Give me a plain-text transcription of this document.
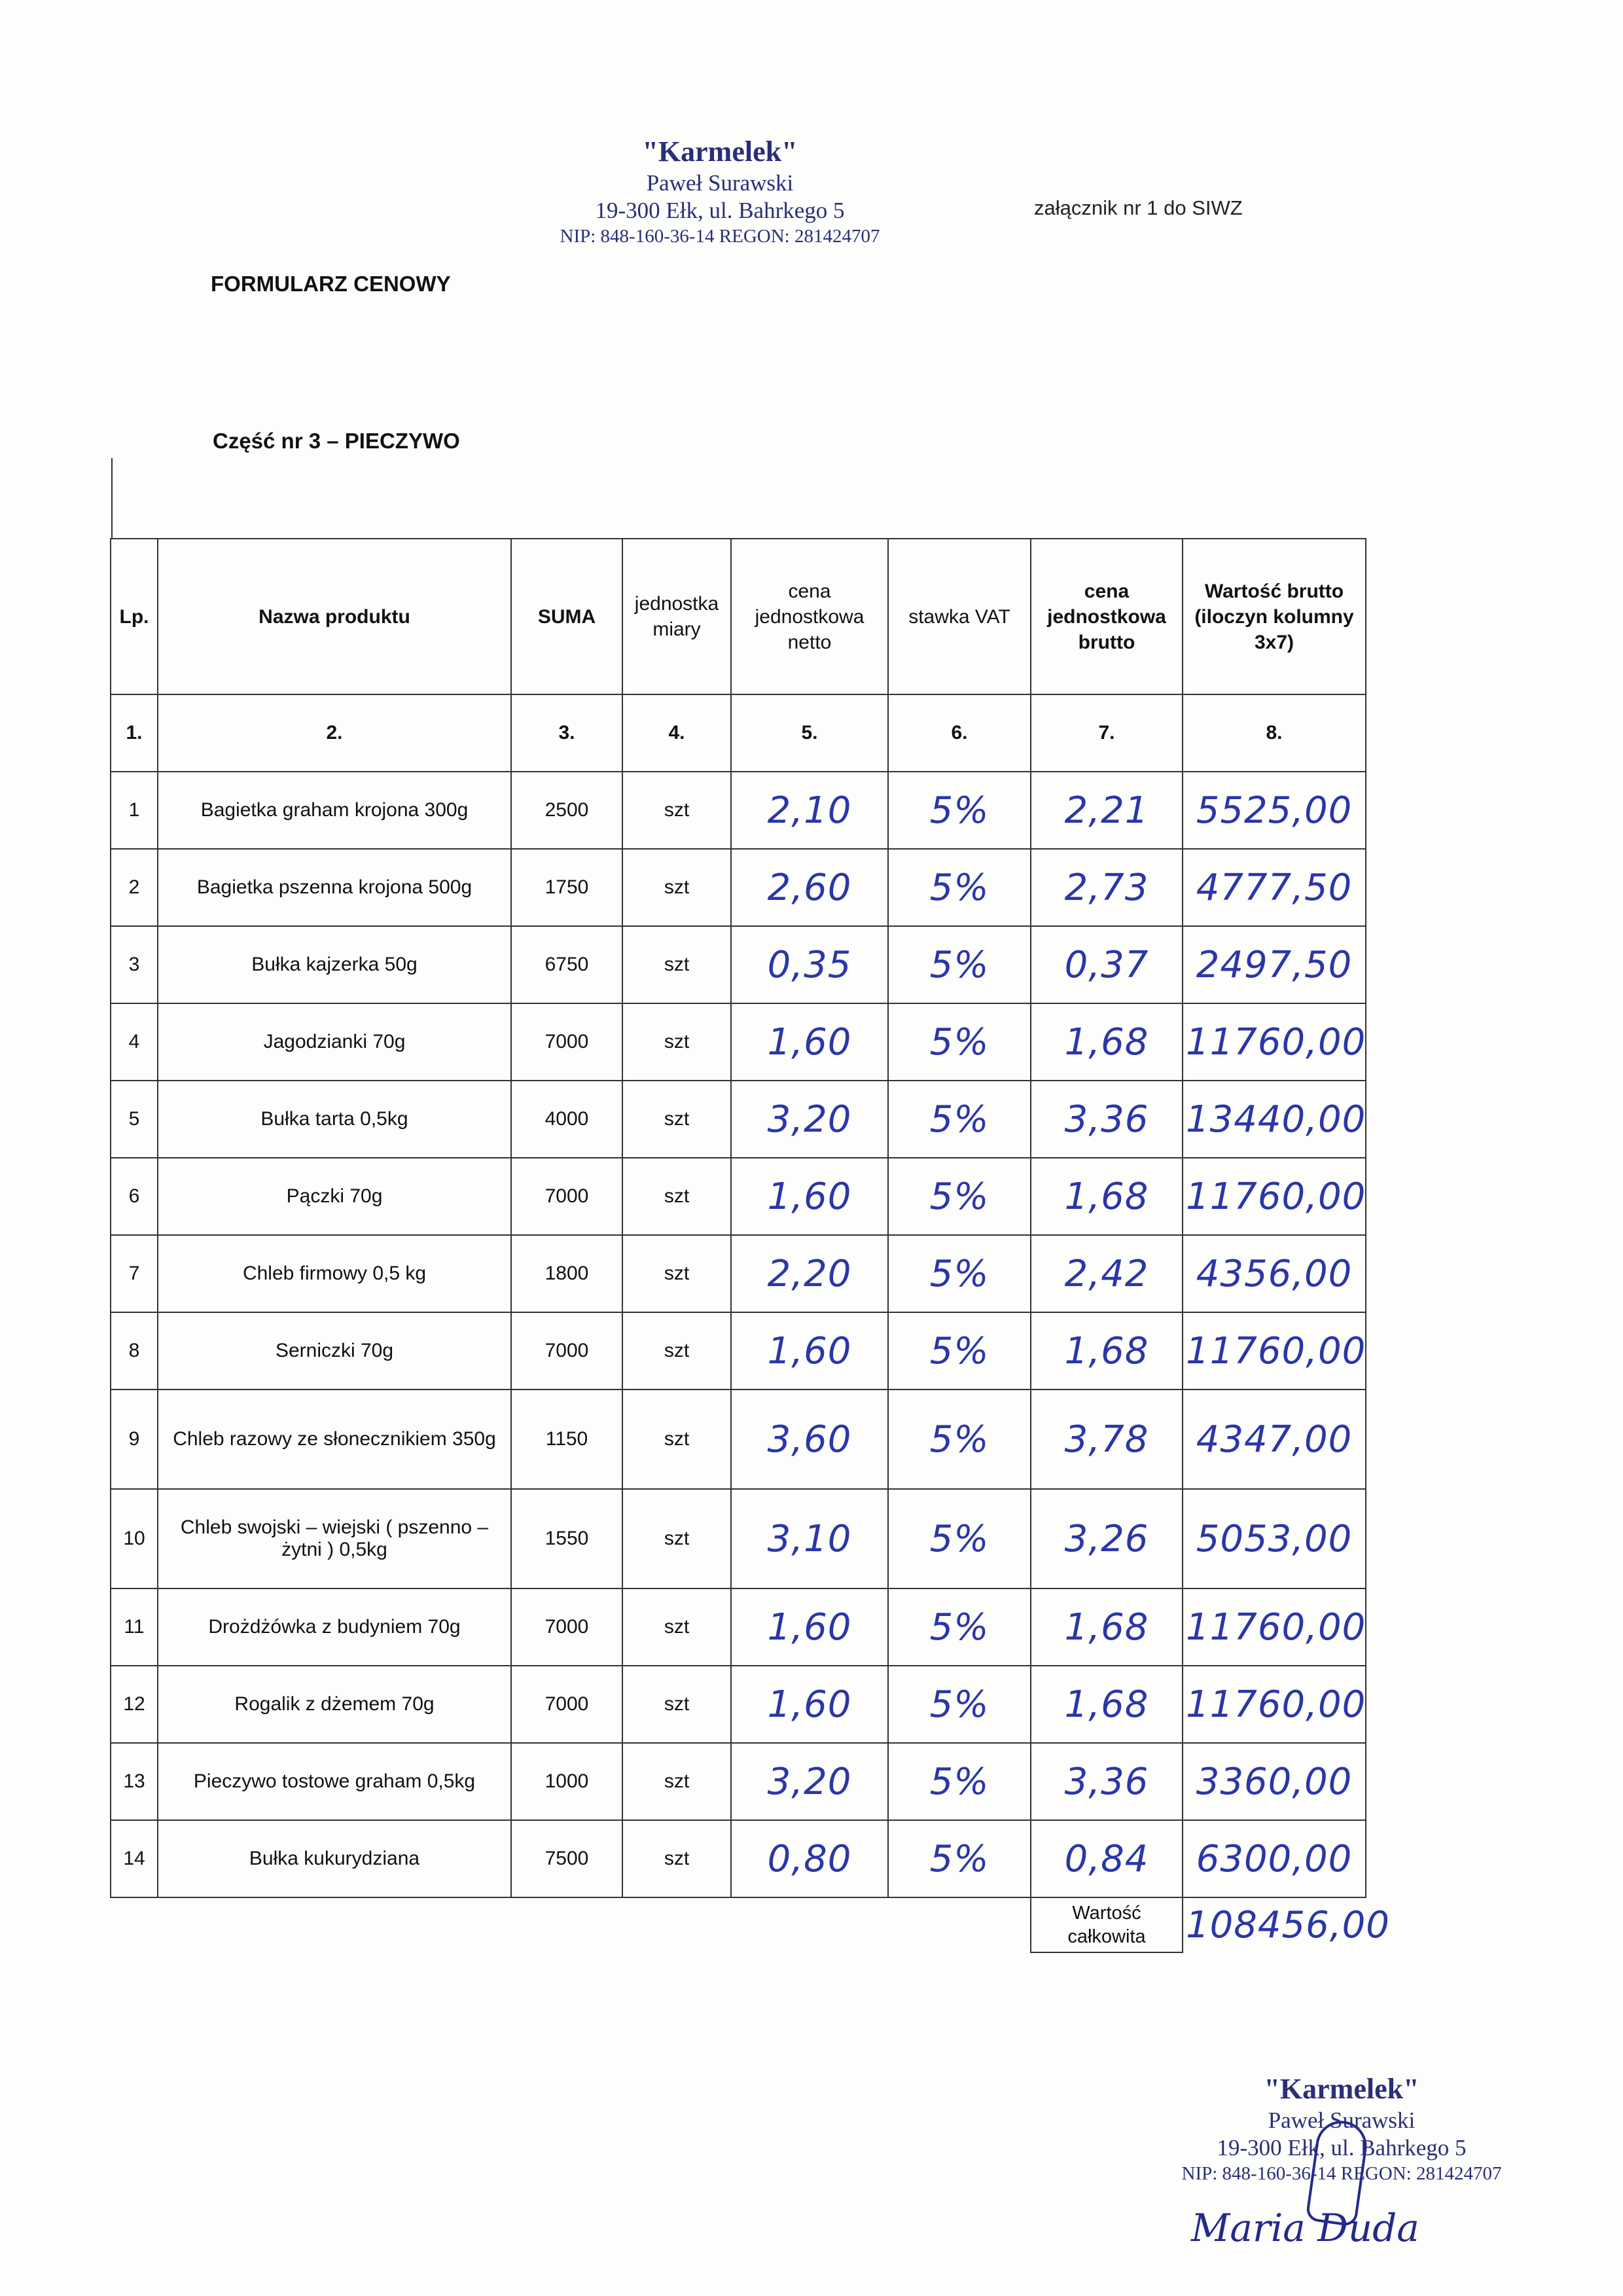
"Karmelek"
Paweł Surawski
19-300 Ełk, ul. Bahrkego 5
NIP: 848-160-36-14 REGON: 281424707
załącznik nr 1 do SIWZ
FORMULARZ CENOWY
Część nr 3 – PIECZYWO
Lp.	Nazwa produktu	SUMA	jednostka miary	cena jednostkowa netto	stawka VAT	cena jednostkowa brutto	Wartość brutto (iloczyn kolumny 3x7)
1.	2.	3.	4.	5.	6.	7.	8.
1	Bagietka graham krojona 300g	2500	szt	2,10	5%	2,21	5525,00
2	Bagietka pszenna krojona 500g	1750	szt	2,60	5%	2,73	4777,50
3	Bułka kajzerka 50g	6750	szt	0,35	5%	0,37	2497,50
4	Jagodzianki 70g	7000	szt	1,60	5%	1,68	11760,00
5	Bułka tarta 0,5kg	4000	szt	3,20	5%	3,36	13440,00
6	Pączki 70g	7000	szt	1,60	5%	1,68	11760,00
7	Chleb firmowy 0,5 kg	1800	szt	2,20	5%	2,42	4356,00
8	Serniczki 70g	7000	szt	1,60	5%	1,68	11760,00
9	Chleb razowy ze słonecznikiem 350g	1150	szt	3,60	5%	3,78	4347,00
10	Chleb swojski – wiejski ( pszenno – żytni ) 0,5kg	1550	szt	3,10	5%	3,26	5053,00
11	Drożdżówka z budyniem 70g	7000	szt	1,60	5%	1,68	11760,00
12	Rogalik z dżemem 70g	7000	szt	1,60	5%	1,68	11760,00
13	Pieczywo tostowe graham 0,5kg	1000	szt	3,20	5%	3,36	3360,00
14	Bułka kukurydziana	7500	szt	0,80	5%	0,84	6300,00
						Wartość całkowita	108456,00
"Karmelek"
Paweł Surawski
19-300 Ełk, ul. Bahrkego 5
NIP: 848-160-36-14 REGON: 281424707
Maria Duda
